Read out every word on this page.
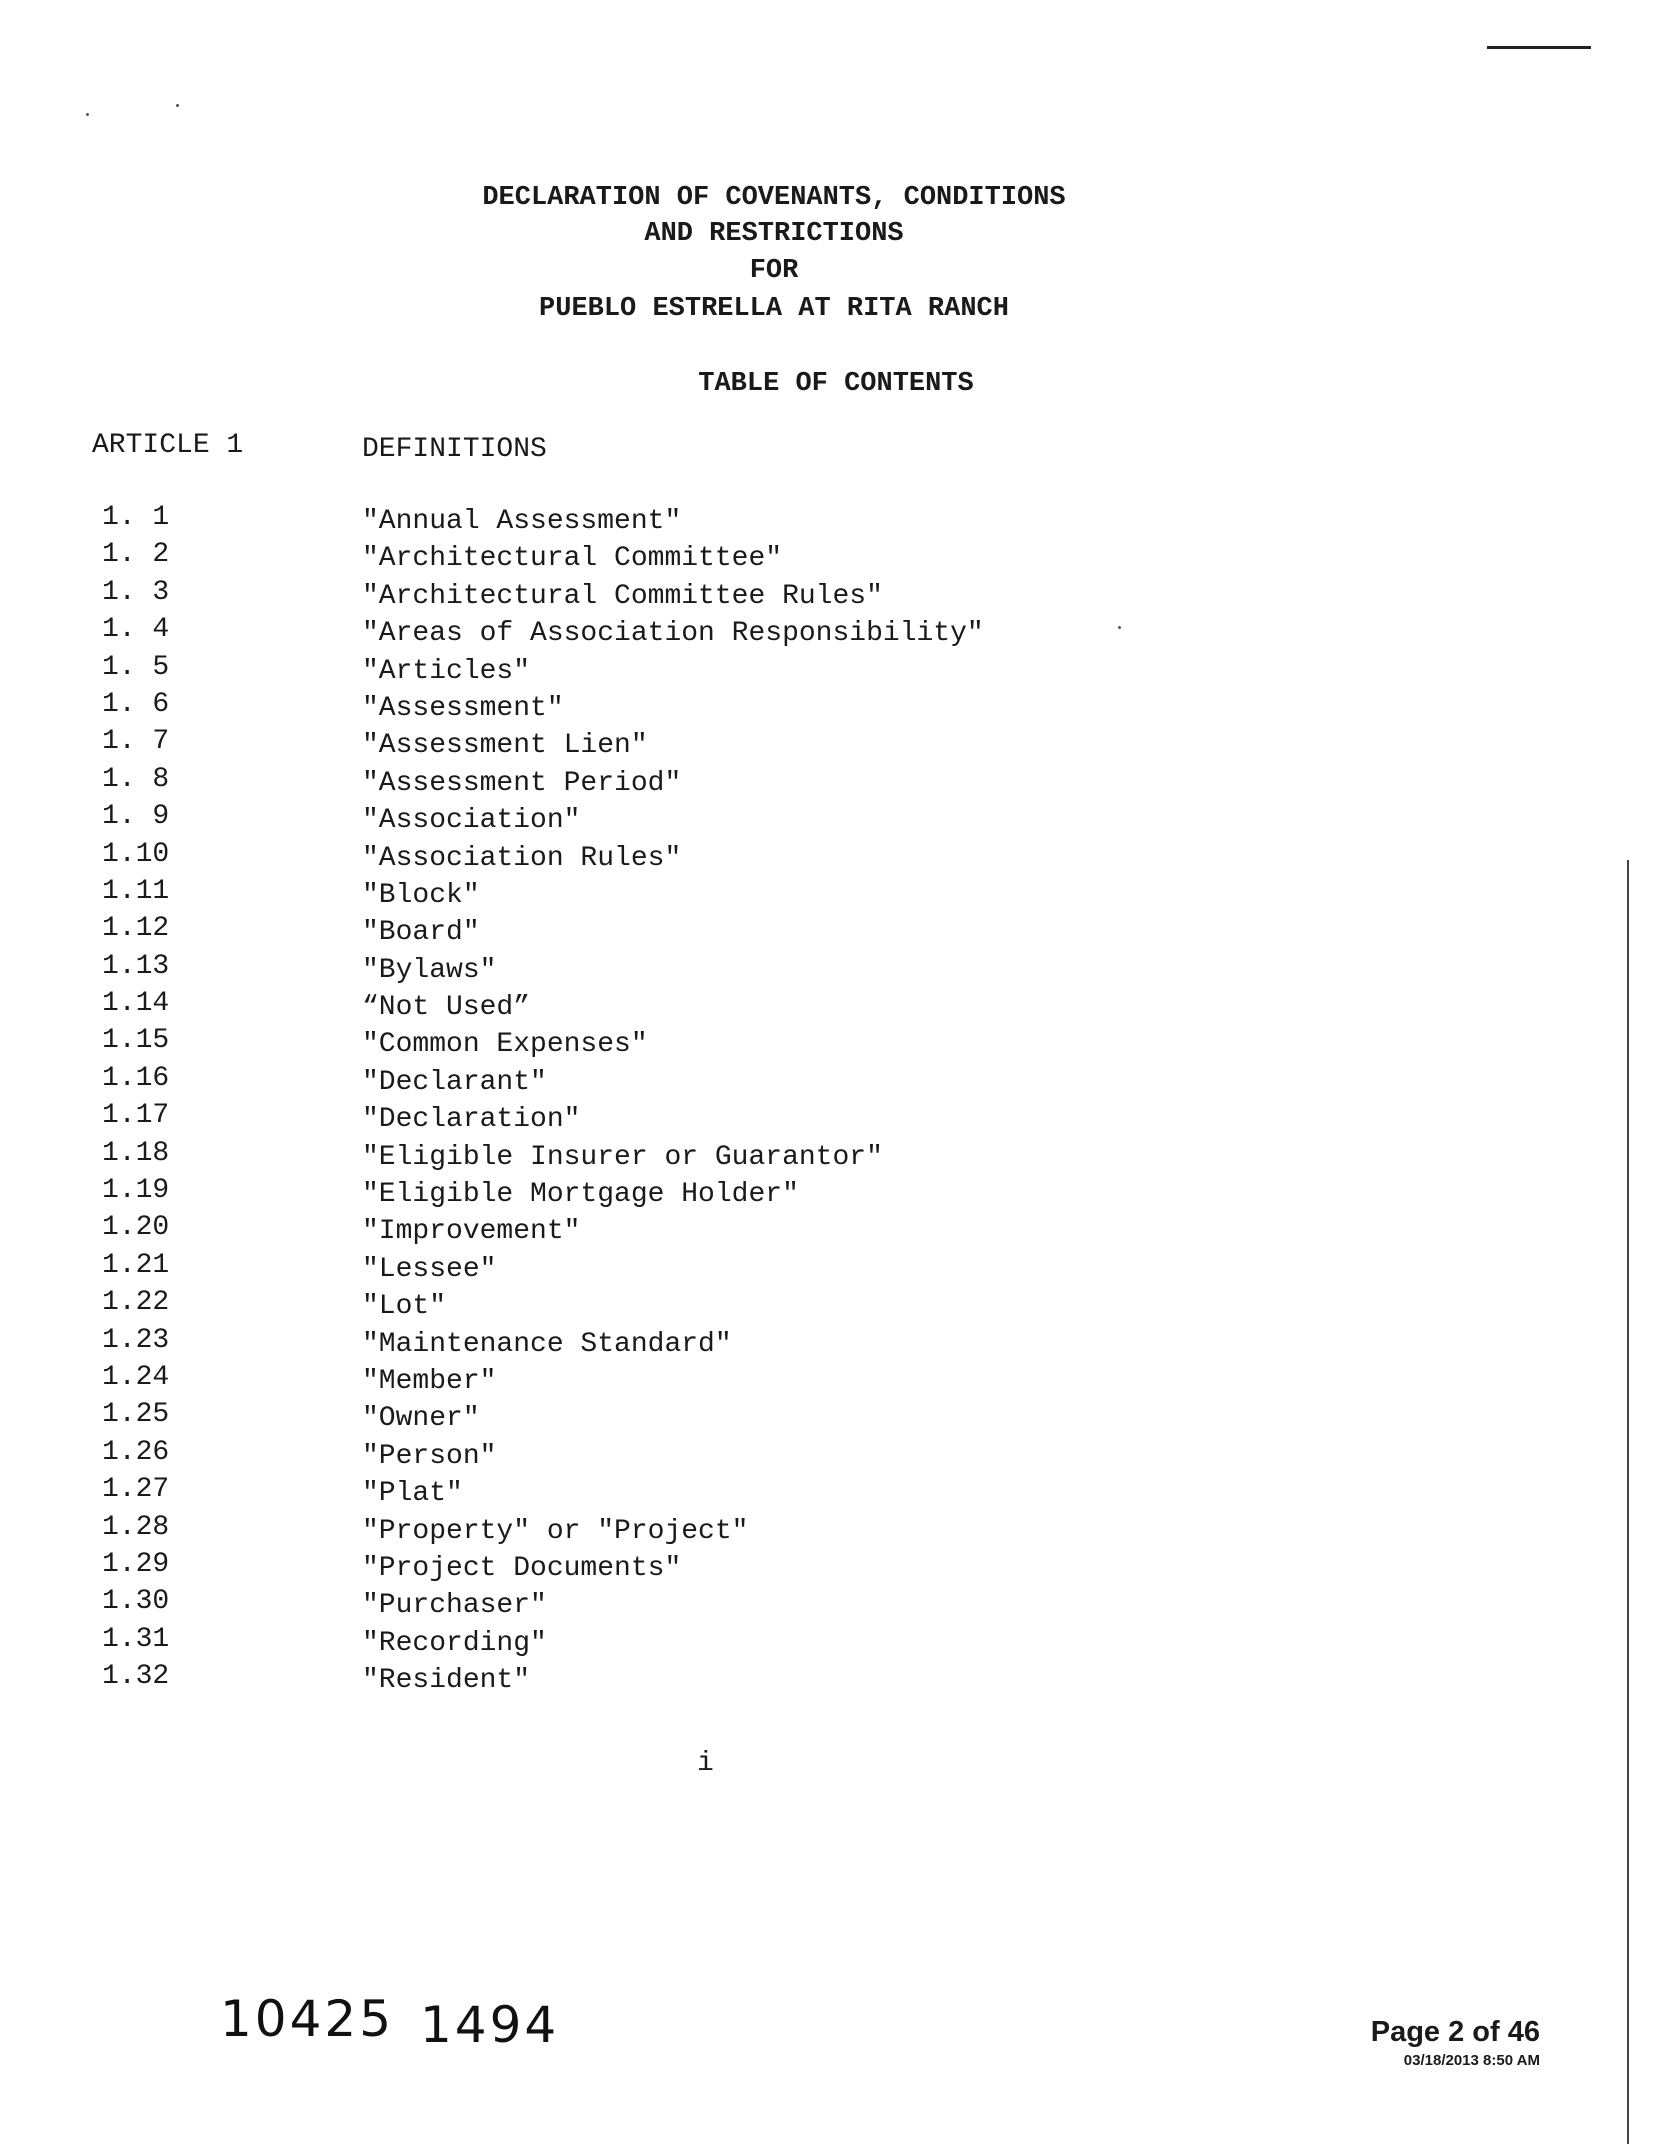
DECLARATION OF COVENANTS, CONDITIONS
AND RESTRICTIONS
FOR
PUEBLO ESTRELLA AT RITA RANCH
TABLE OF CONTENTS
ARTICLE 1	DEFINITIONS
1. 1	"Annual Assessment"
1. 2	"Architectural Committee"
1. 3	"Architectural Committee Rules"
1. 4	"Areas of Association Responsibility"
1. 5	"Articles"
1. 6	"Assessment"
1. 7	"Assessment Lien"
1. 8	"Assessment Period"
1. 9	"Association"
1.10	"Association Rules"
1.11	"Block"
1.12	"Board"
1.13	"Bylaws"
1.14	“Not Used”
1.15	"Common Expenses"
1.16	"Declarant"
1.17	"Declaration"
1.18	"Eligible Insurer or Guarantor"
1.19	"Eligible Mortgage Holder"
1.20	"Improvement"
1.21	"Lessee"
1.22	"Lot"
1.23	"Maintenance Standard"
1.24	"Member"
1.25	"Owner"
1.26	"Person"
1.27	"Plat"
1.28	"Property" or "Project"
1.29	"Project Documents"
1.30	"Purchaser"
1.31	"Recording"
1.32	"Resident"
i
10425 1494	Page 2 of 46
03/18/2013 8:50 AM
